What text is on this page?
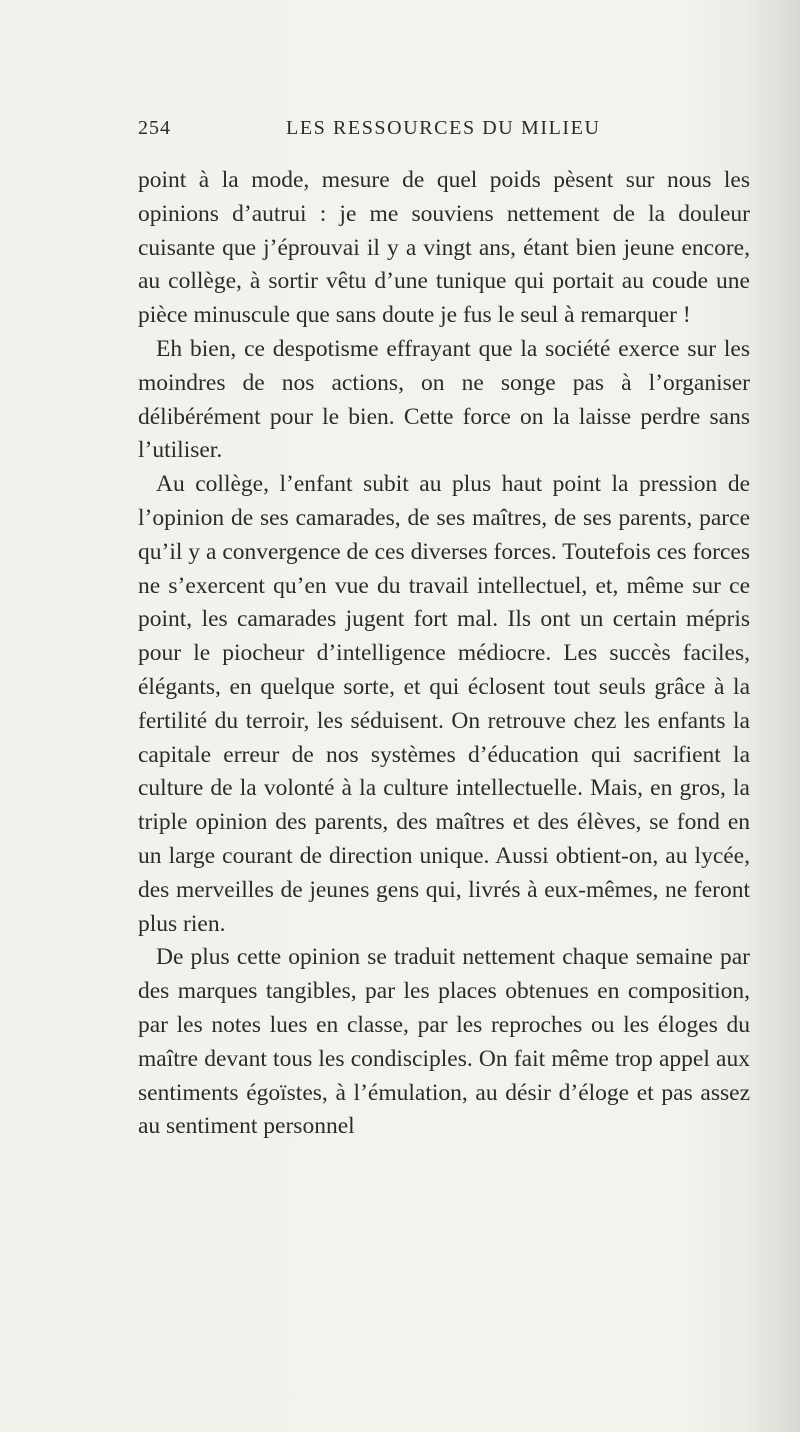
254	LES RESSOURCES DU MILIEU

point à la mode, mesure de quel poids pèsent sur nous les opinions d’autrui : je me souviens nettement de la douleur cuisante que j’éprouvai il y a vingt ans, étant bien jeune encore, au collège, à sortir vêtu d’une tunique qui portait au coude une pièce minuscule que sans doute je fus le seul à remarquer !

Eh bien, ce despotisme effrayant que la société exerce sur les moindres de nos actions, on ne songe pas à l’organiser délibérément pour le bien. Cette force on la laisse perdre sans l’utiliser.

Au collège, l’enfant subit au plus haut point la pression de l’opinion de ses camarades, de ses maîtres, de ses parents, parce qu’il y a convergence de ces diverses forces. Toutefois ces forces ne s’exercent qu’en vue du travail intellectuel, et, même sur ce point, les camarades jugent fort mal. Ils ont un certain mépris pour le piocheur d’intelligence médiocre. Les succès faciles, élégants, en quelque sorte, et qui éclosent tout seuls grâce à la fertilité du terroir, les séduisent. On retrouve chez les enfants la capitale erreur de nos systèmes d’éducation qui sacrifient la culture de la volonté à la culture intellectuelle. Mais, en gros, la triple opinion des parents, des maîtres et des élèves, se fond en un large courant de direction unique. Aussi obtient-on, au lycée, des merveilles de jeunes gens qui, livrés à eux-mêmes, ne feront plus rien.

De plus cette opinion se traduit nettement chaque semaine par des marques tangibles, par les places obtenues en composition, par les notes lues en classe, par les reproches ou les éloges du maître devant tous les condisciples. On fait même trop appel aux sentiments égoïstes, à l’émulation, au désir d’éloge et pas assez au sentiment personnel
